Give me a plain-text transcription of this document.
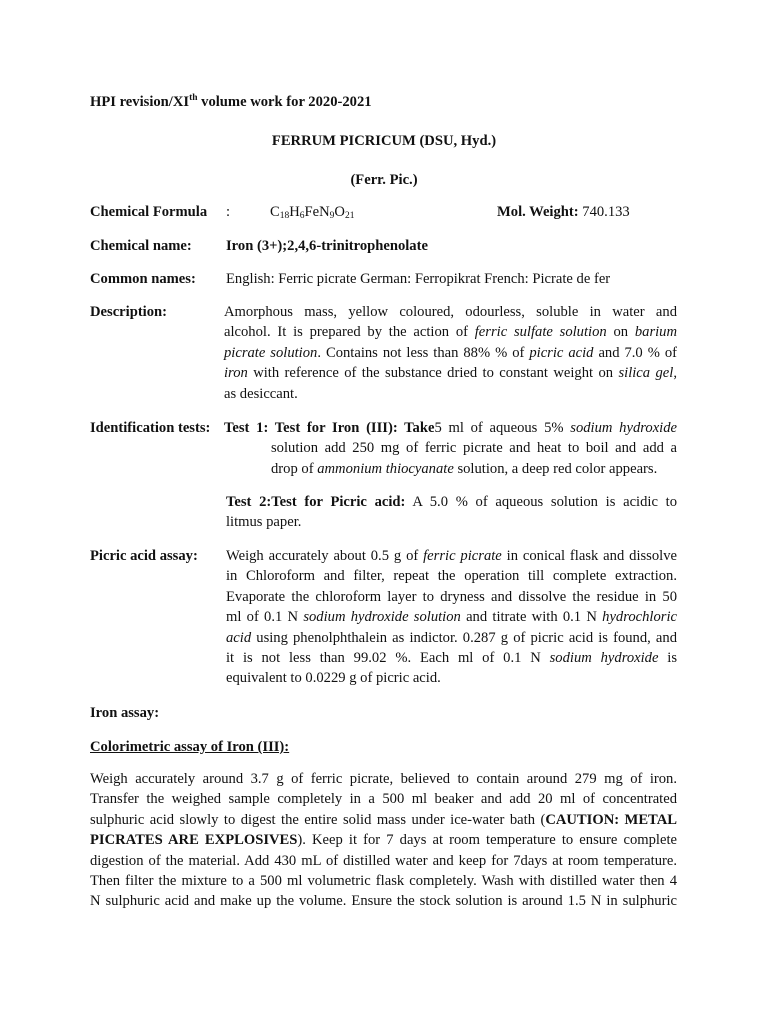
HPI revision/XIth volume work for 2020-2021
FERRUM PICRICUM (DSU, Hyd.)
(Ferr. Pic.)
Chemical Formula :	$C_{18}H_6FeN_9O_{21}$	Mol. Weight: 740.133
Chemical name: Iron (3+);2,4,6-trinitrophenolate
Common names: English: Ferric picrate German: Ferropikrat French: Picrate de fer
Description:	Amorphous mass, yellow coloured, odourless, soluble in water and
alcohol. It is prepared by the action of ferric sulfate solution on barium
picrate solution. Contains not less than 88% % of picric acid and 7.0 % of
iron with reference of the substance dried to constant weight on silica gel,
as desiccant.
Identification tests: Test 1: Test for Iron (III): Take5 ml of aqueous 5% sodium hydroxide
solution add 250 mg of ferric picrate and heat to boil and add a
drop of ammonium thiocyanate solution, a deep red color appears.
Test 2:Test for Picric acid: A 5.0 % of aqueous solution is acidic to
litmus paper.
Picric acid assay: Weigh accurately about 0.5 g of ferric picrate in conical flask and dissolve
in Chloroform and filter, repeat the operation till complete extraction.
Evaporate the chloroform layer to dryness and dissolve the residue in 50
ml of 0.1 N sodium hydroxide solution and titrate with 0.1 N hydrochloric
acid using phenolphthalein as indictor. 0.287 g of picric acid is found, and
it is not less than 99.02 %. Each ml of 0.1 N sodium hydroxide is
equivalent to 0.0229 g of picric acid.
Iron assay:
Colorimetric assay of Iron (III):
Weigh accurately around 3.7 g of ferric picrate, believed to contain around 279 mg of iron.
Transfer the weighed sample completely in a 500 ml beaker and add 20 ml of concentrated
sulphuric acid slowly to digest the entire solid mass under ice-water bath (CAUTION: METAL
PICRATES ARE EXPLOSIVES). Keep it for 7 days at room temperature to ensure complete
digestion of the material. Add 430 mL of distilled water and keep for 7days at room temperature.
Then filter the mixture to a 500 ml volumetric flask completely. Wash with distilled water then 4
N sulphuric acid and make up the volume. Ensure the stock solution is around 1.5 N in sulphuric
